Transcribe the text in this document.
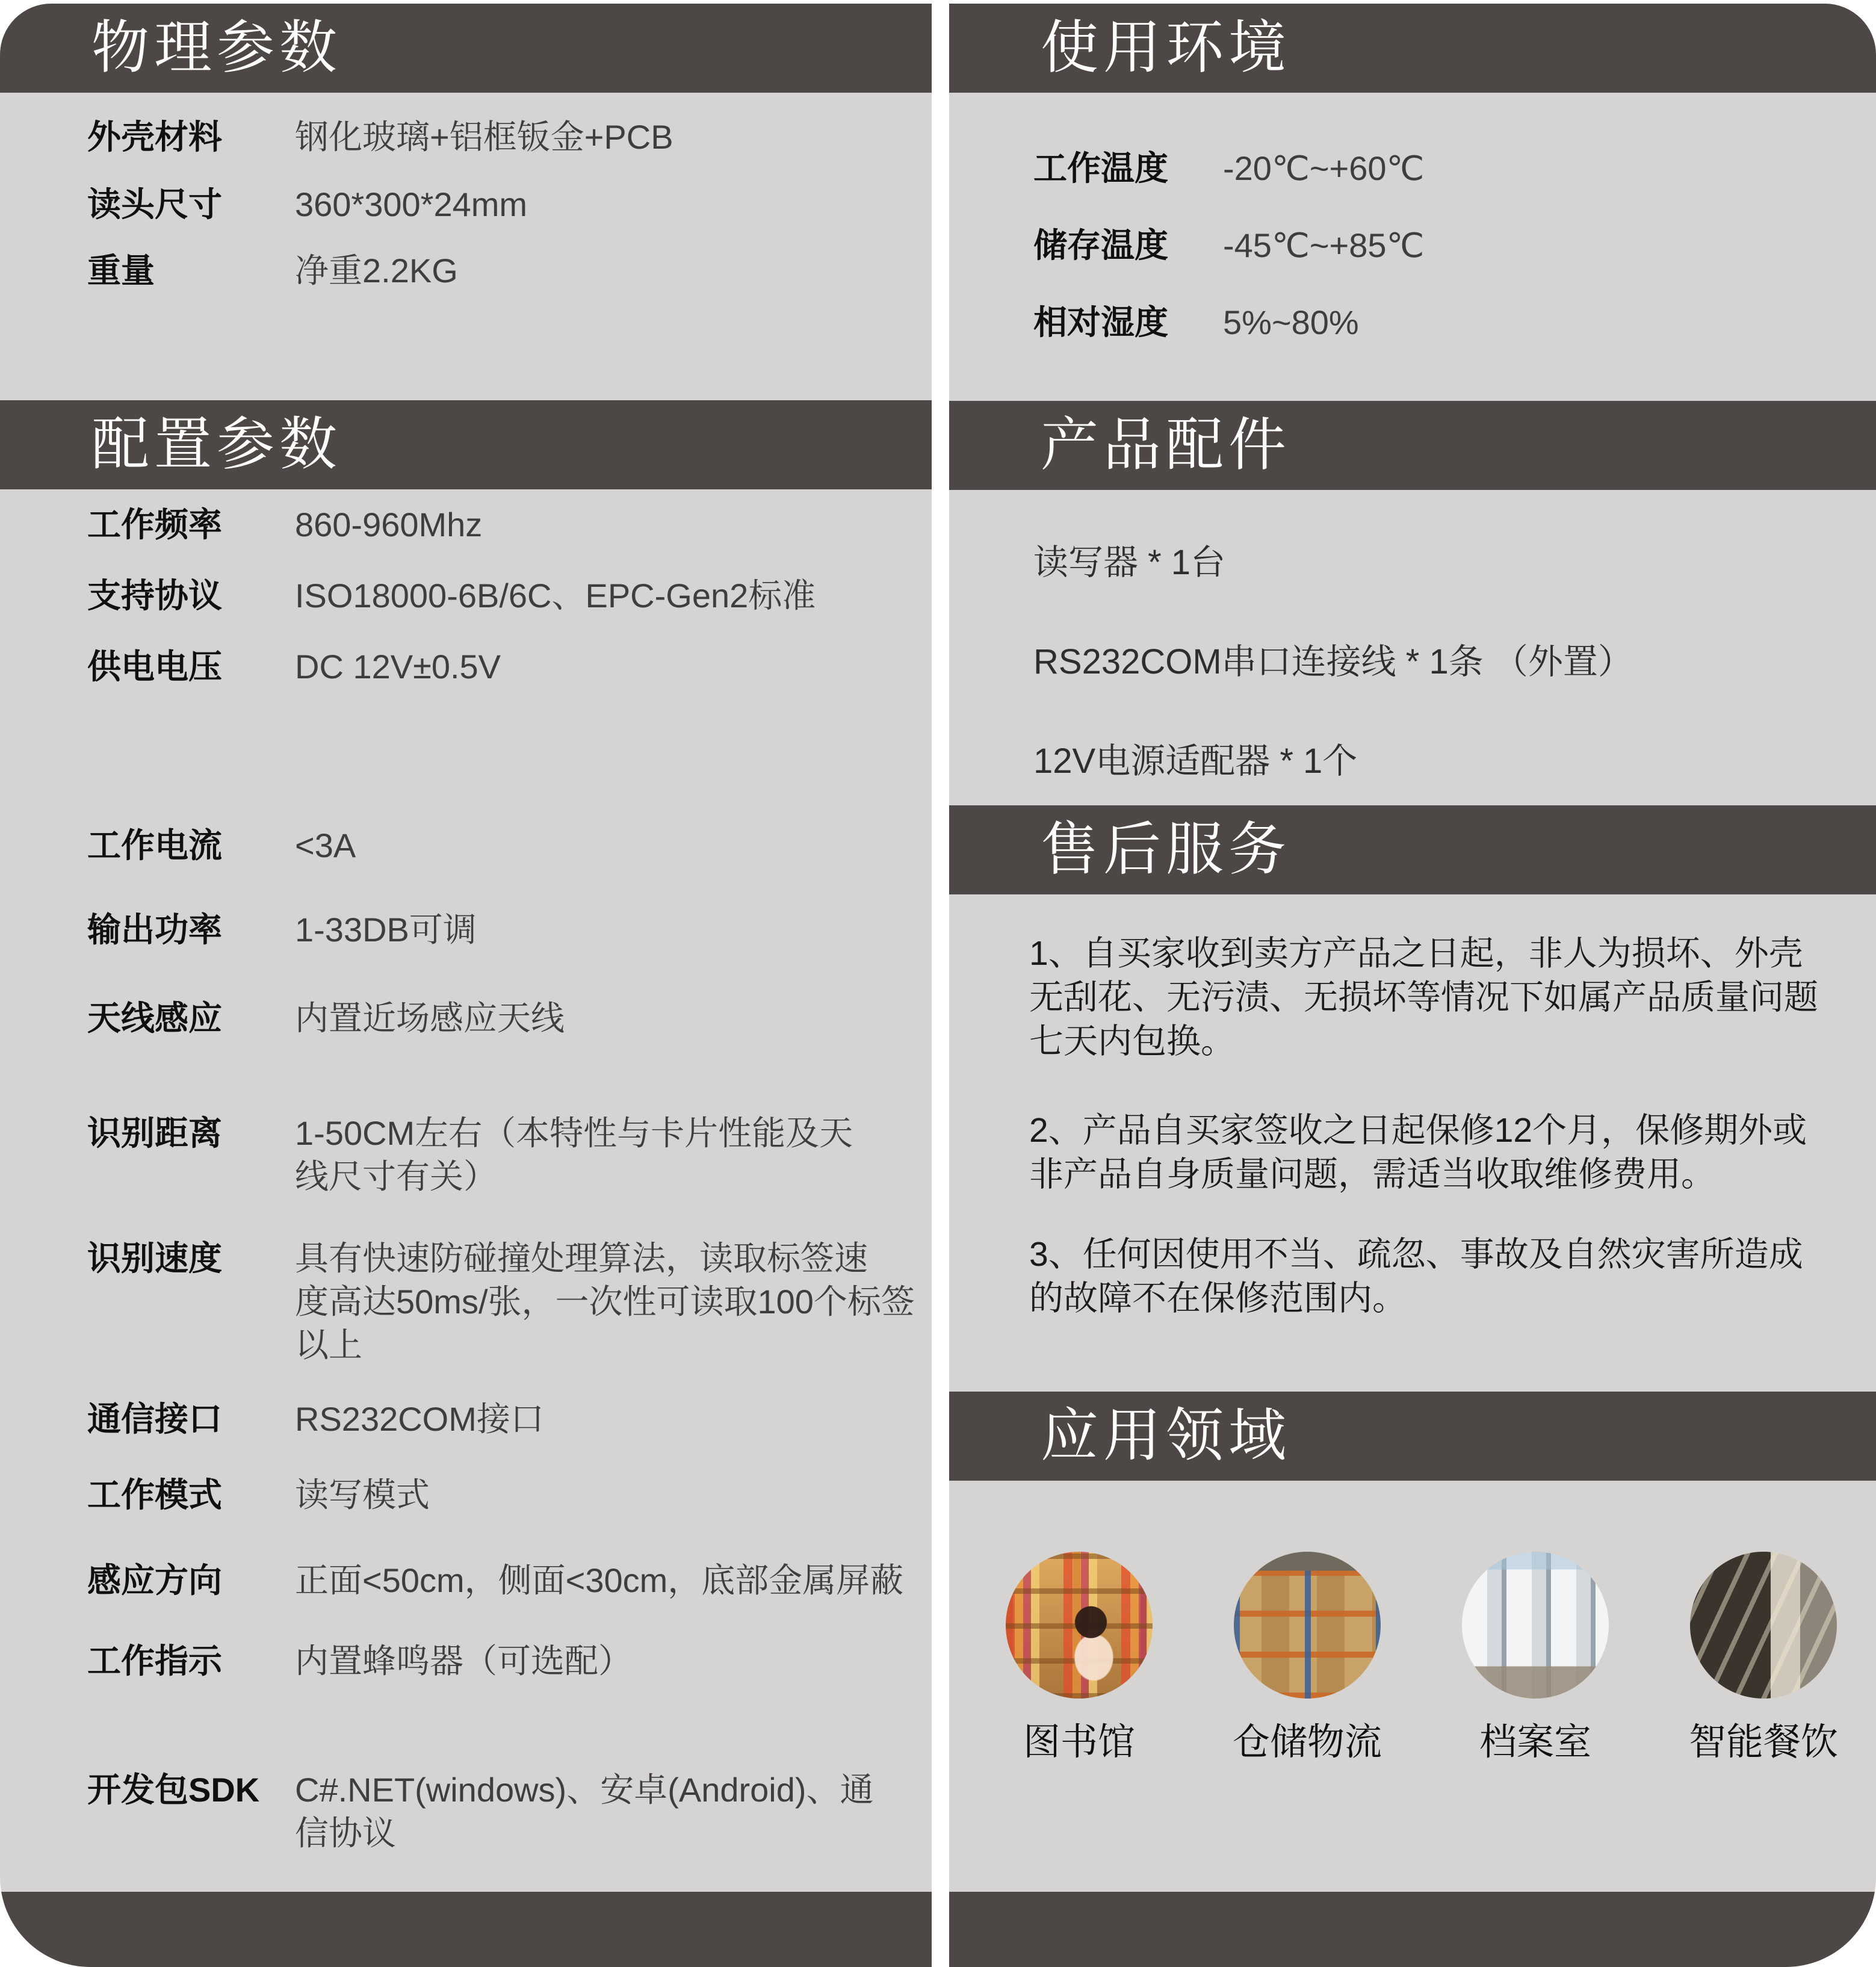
物理参数
外壳材料 钢化玻璃+铝框钣金+PCB
读头尺寸 360*300*24mm
重量	净重2.2KG
配置参数
工作频率 860-960Mhz
支持协议 ISO18000-6B/6C、EPC-Gen2标准
供电电压 DC 12V±0.5V
工作电流 <3A
输出功率 1-33DB可调
天线感应 内置近场感应天线
识别距离 1-50CM左右（本特性与卡片性能及天
线尺寸有关）
识别速度 具有快速防碰撞处理算法，读取标签速
度高达50ms/张，一次性可读取100个标签
以上
通信接口 RS232COM接口
工作模式 读写模式
感应方向 正面<50cm，侧面<30cm，底部金属屏蔽
工作指示 内置蜂鸣器（可选配）
开发包SDK C#.NET(windows)、安卓(Android)、通
信协议
使用环境
工作温度 -20℃~+60℃
储存温度 -45℃~+85℃
相对湿度 5%~80%
产品配件
读写器 * 1台
RS232COM串口连接线 * 1条 （外置）
12V电源适配器 * 1个
售后服务
1、自买家收到卖方产品之日起，非人为损坏、外壳
无刮花、无污渍、无损坏等情况下如属产品质量问题
七天内包换。
2、产品自买家签收之日起保修12个月，保修期外或
非产品自身质量问题，需适当收取维修费用。
3、任何因使用不当、疏忽、事故及自然灾害所造成
的故障不在保修范围内。
应用领域
图书馆	仓储物流	档案室	智能餐饮
